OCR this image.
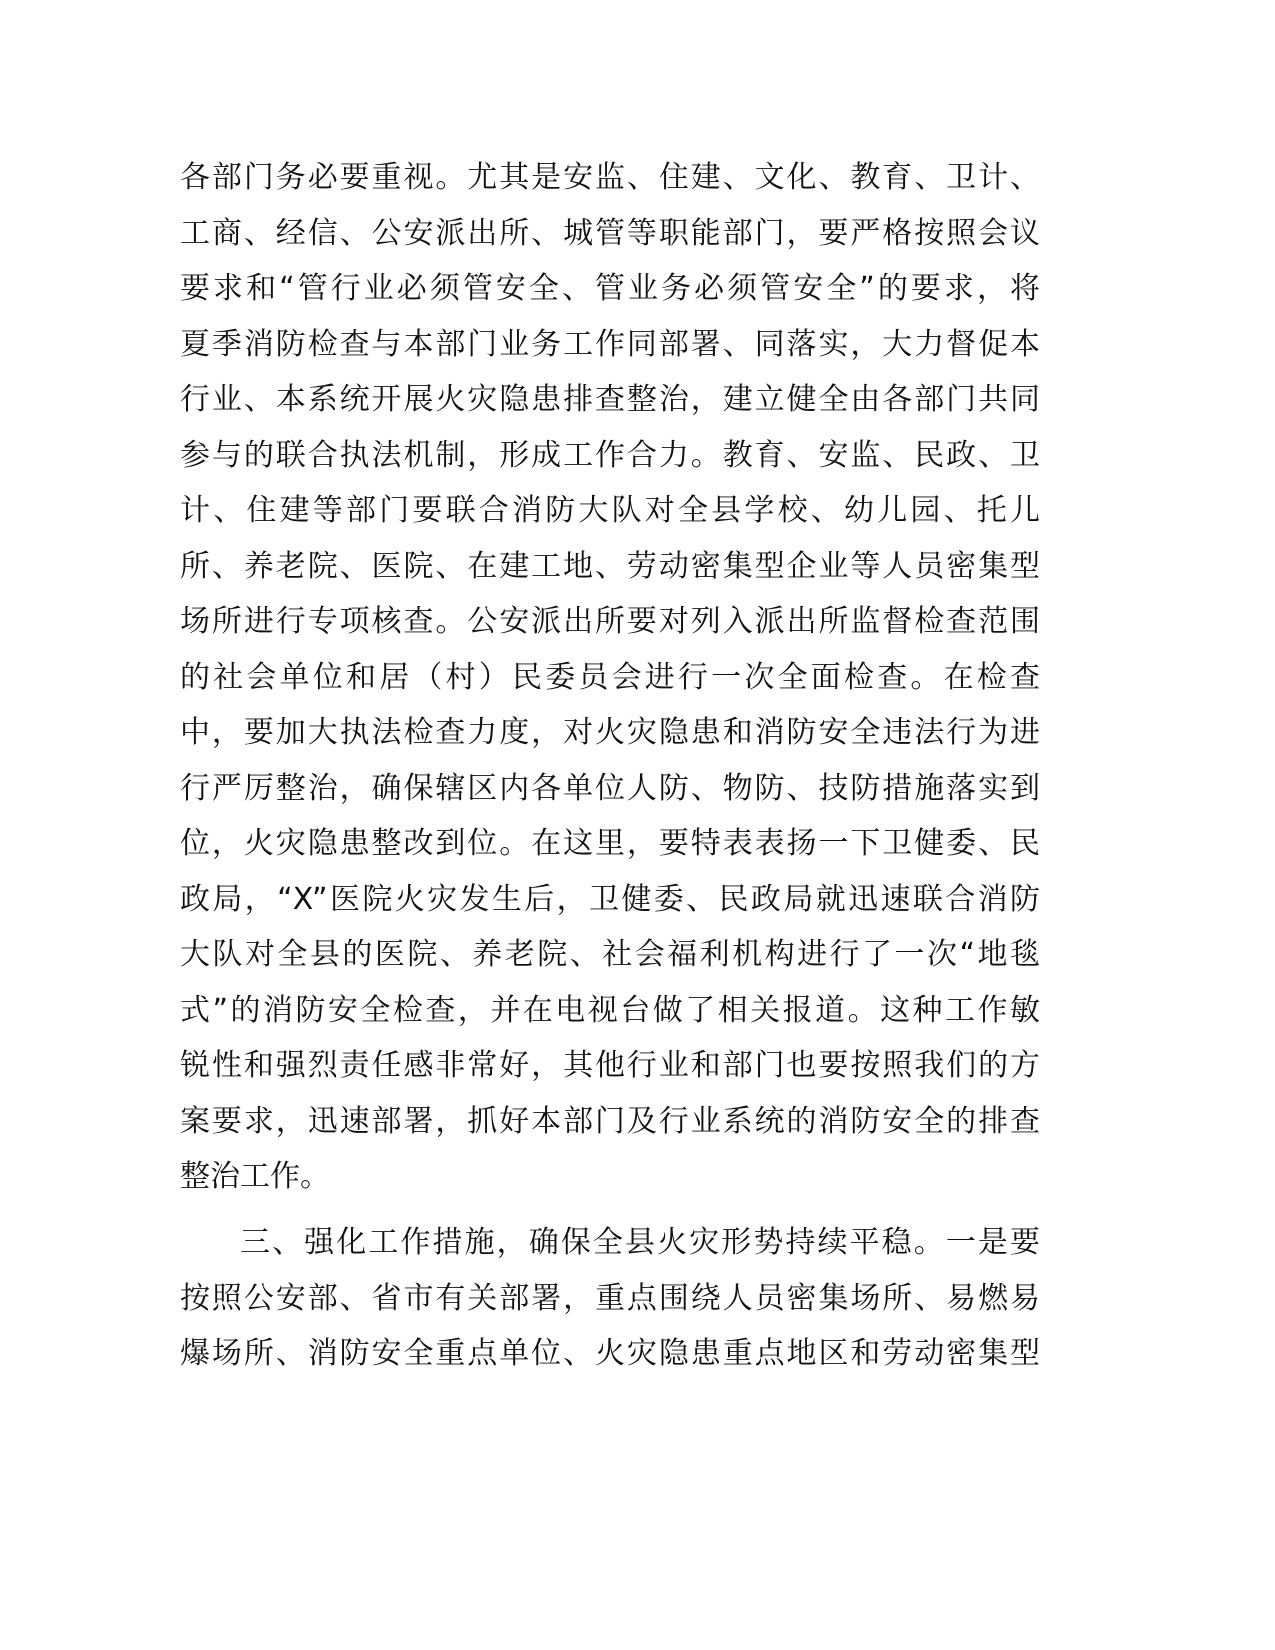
各部门务必要重视。尤其是安监、住建、文化、教育、卫计、
工商、经信、公安派出所、城管等职能部门，要严格按照会议
要求和“管行业必须管安全、管业务必须管安全”的要求，将
夏季消防检查与本部门业务工作同部署、同落实，大力督促本
行业、本系统开展火灾隐患排查整治，建立健全由各部门共同
参与的联合执法机制，形成工作合力。教育、安监、民政、卫
计、住建等部门要联合消防大队对全县学校、幼儿园、托儿
所、养老院、医院、在建工地、劳动密集型企业等人员密集型
场所进行专项核查。公安派出所要对列入派出所监督检查范围
的社会单位和居（村）民委员会进行一次全面检查。在检查
中，要加大执法检查力度，对火灾隐患和消防安全违法行为进
行严厉整治，确保辖区内各单位人防、物防、技防措施落实到
位，火灾隐患整改到位。在这里，要特表表扬一下卫健委、民
政局，“X”医院火灾发生后，卫健委、民政局就迅速联合消防
大队对全县的医院、养老院、社会福利机构进行了一次“地毯
式”的消防安全检查，并在电视台做了相关报道。这种工作敏
锐性和强烈责任感非常好，其他行业和部门也要按照我们的方
案要求，迅速部署，抓好本部门及行业系统的消防安全的排查
整治工作。
三、强化工作措施，确保全县火灾形势持续平稳。一是要
按照公安部、省市有关部署，重点围绕人员密集场所、易燃易
爆场所、消防安全重点单位、火灾隐患重点地区和劳动密集型
